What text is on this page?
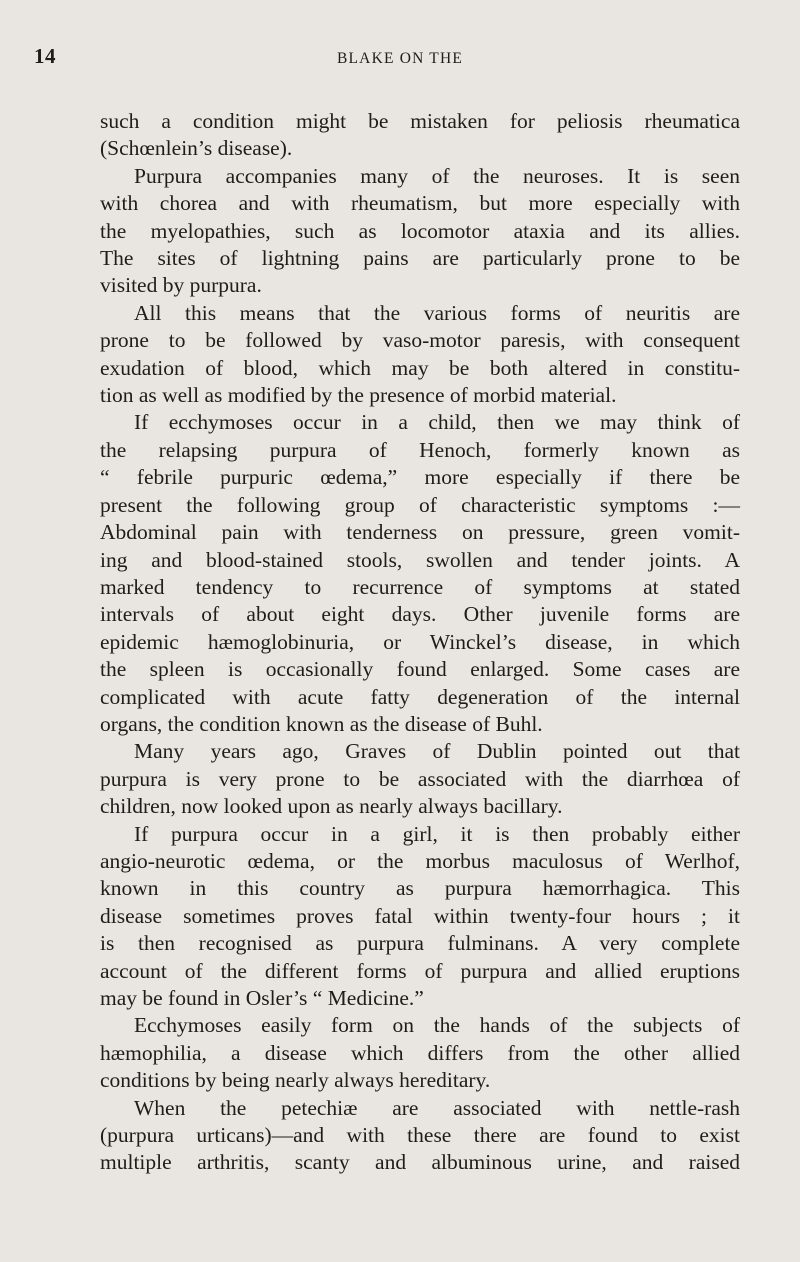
14	BLAKE ON THE
such a condition might be mistaken for peliosis rheumatica
(Schœnlein’s disease).
Purpura accompanies many of the neuroses. It is seen
with chorea and with rheumatism, but more especially with
the myelopathies, such as locomotor ataxia and its allies.
The sites of lightning pains are particularly prone to be
visited by purpura.
All this means that the various forms of neuritis are
prone to be followed by vaso-motor paresis, with consequent
exudation of blood, which may be both altered in constitu-
tion as well as modified by the presence of morbid material.
If ecchymoses occur in a child, then we may think of
the relapsing purpura of Henoch, formerly known as
“ febrile purpuric œdema,” more especially if there be
present the following group of characteristic symptoms :—
Abdominal pain with tenderness on pressure, green vomit-
ing and blood-stained stools, swollen and tender joints. A
marked tendency to recurrence of symptoms at stated
intervals of about eight days. Other juvenile forms are
epidemic hæmoglobinuria, or Winckel’s disease, in which
the spleen is occasionally found enlarged. Some cases are
complicated with acute fatty degeneration of the internal
organs, the condition known as the disease of Buhl.
Many years ago, Graves of Dublin pointed out that
purpura is very prone to be associated with the diarrhœa of
children, now looked upon as nearly always bacillary.
If purpura occur in a girl, it is then probably either
angio-neurotic œdema, or the morbus maculosus of Werlhof,
known in this country as purpura hæmorrhagica. This
disease sometimes proves fatal within twenty-four hours ; it
is then recognised as purpura fulminans. A very complete
account of the different forms of purpura and allied eruptions
may be found in Osler’s “ Medicine.”
Ecchymoses easily form on the hands of the subjects of
hæmophilia, a disease which differs from the other allied
conditions by being nearly always hereditary.
When the petechiæ are associated with nettle-rash
(purpura urticans)—and with these there are found to exist
multiple arthritis, scanty and albuminous urine, and raised
